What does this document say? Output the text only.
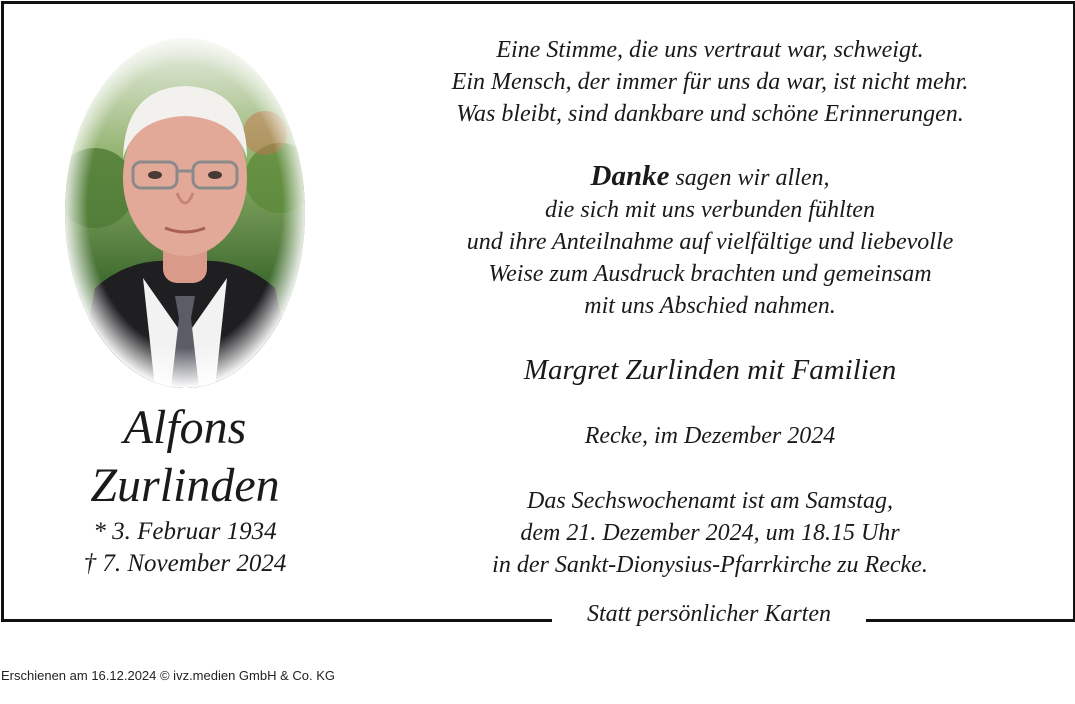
Statt persönlicher Karten
Alfons
Zurlinden
* 3. Februar 1934
† 7. November 2024
Eine Stimme, die uns vertraut war, schweigt.
Ein Mensch, der immer für uns da war, ist nicht mehr.
Was bleibt, sind dankbare und schöne Erinnerungen.
Danke sagen wir allen,
die sich mit uns verbunden fühlten
und ihre Anteilnahme auf vielfältige und liebevolle
Weise zum Ausdruck brachten und gemeinsam
mit uns Abschied nahmen.
Margret Zurlinden mit Familien
Recke, im Dezember 2024
Das Sechswochenamt ist am Samstag,
dem 21. Dezember 2024, um 18.15 Uhr
in der Sankt-Dionysius-Pfarrkirche zu Recke.
Erschienen am 16.12.2024 © ivz.medien GmbH & Co. KG
